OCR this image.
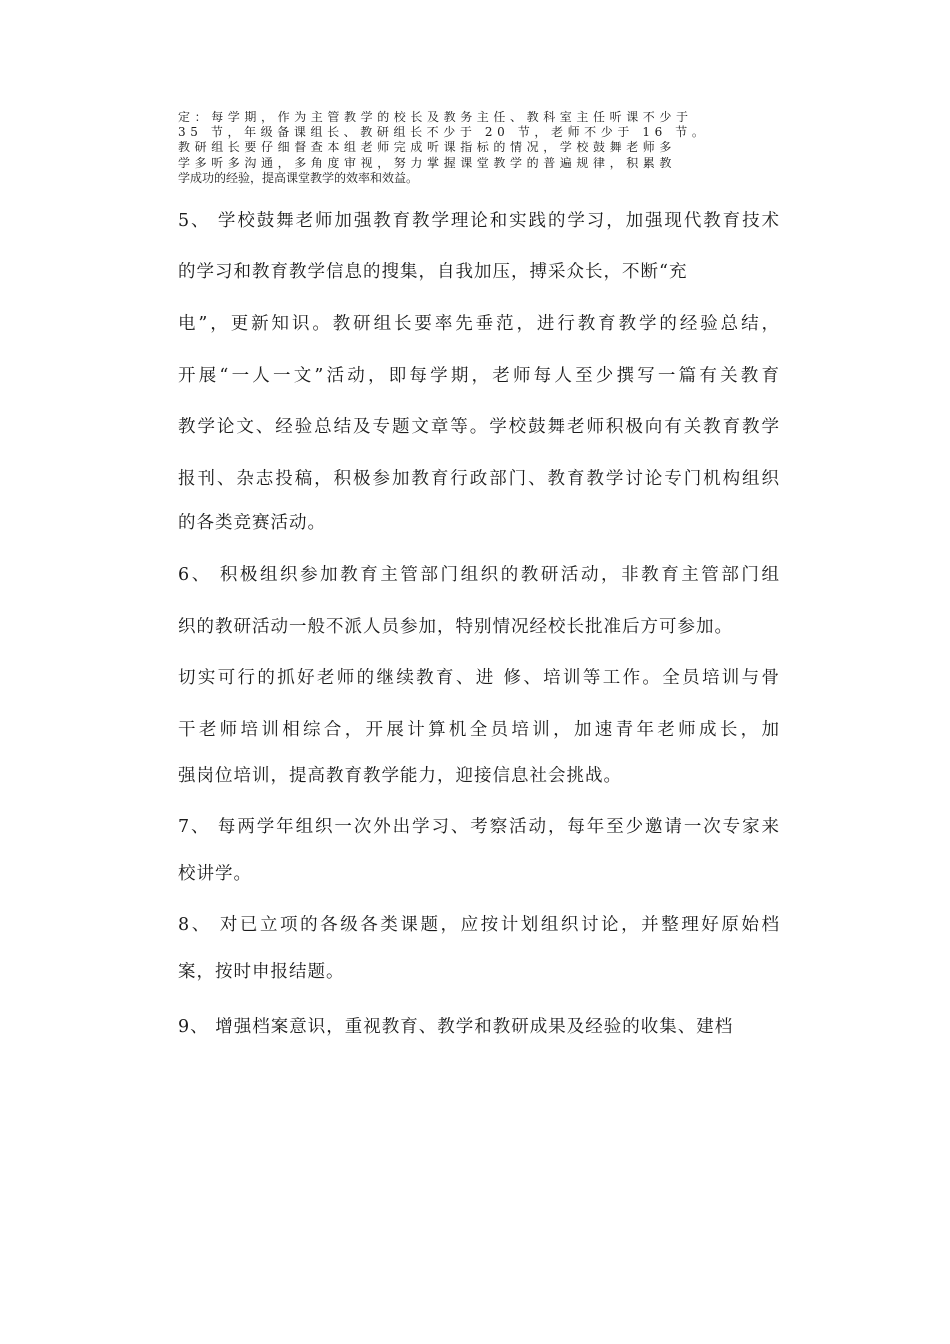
定：每学期，作为主管教学的校长及教务主任、教科室主任听课不少于

35 节，年级备课组长、教研组长不少于 20 节，老师不少于 16 节。

教研组长要仔细督查本组老师完成听课指标的情况，学校鼓舞老师多

学多听多沟通，多角度审视，努力掌握课堂教学的普遍规律，积累教

学成功的经验，提高课堂教学的效率和效益。

5、 学校鼓舞老师加强教育教学理论和实践的学习，加强现代教育技术
的学习和教育教学信息的搜集，自我加压，搏采众长，不断“充
电”，更新知识。教研组长要率先垂范，进行教育教学的经验总结，
开展“一人一文”活动，即每学期，老师每人至少撰写一篇有关教育
教学论文、经验总结及专题文章等。学校鼓舞老师积极向有关教育教学
报刊、杂志投稿，积极参加教育行政部门、教育教学讨论专门机构组织
的各类竞赛活动。
6、 积极组织参加教育主管部门组织的教研活动，非教育主管部门组
织的教研活动一般不派人员参加，特别情况经校长批准后方可参加。
切实可行的抓好老师的继续教育、进 修、培训等工作。全员培训与骨
干老师培训相综合，开展计算机全员培训，加速青年老师成长，加
强岗位培训，提高教育教学能力，迎接信息社会挑战。
7、 每两学年组织一次外出学习、考察活动，每年至少邀请一次专家来
校讲学。
8、 对已立项的各级各类课题，应按计划组织讨论，并整理好原始档
案，按时申报结题。
9、 增强档案意识，重视教育、教学和教研成果及经验的收集、建档
